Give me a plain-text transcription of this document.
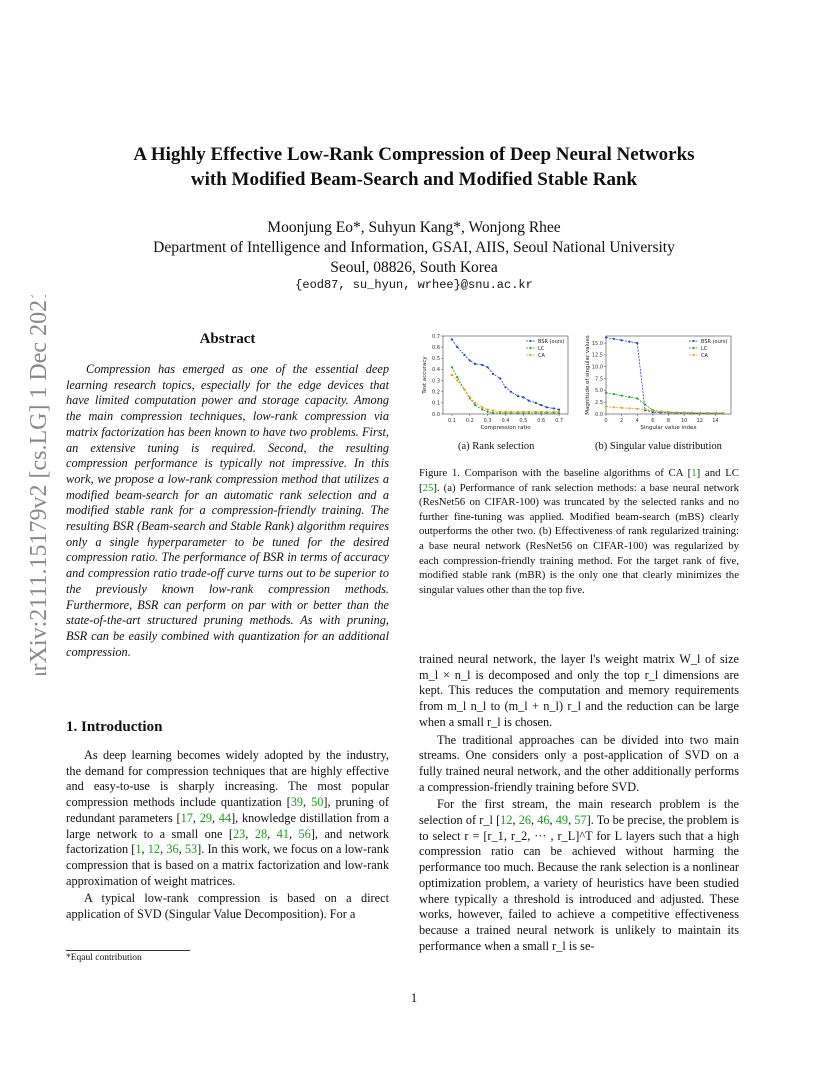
arXiv:2111.15179v2 [cs.LG] 1 Dec 2021
A Highly Effective Low-Rank Compression of Deep Neural Networks
with Modified Beam-Search and Modified Stable Rank
Moonjung Eo*, Suhyun Kang*, Wonjong Rhee
Department of Intelligence and Information, GSAI, AIIS, Seoul National University
Seoul, 08826, South Korea
{eod87, su_hyun, wrhee}@snu.ac.kr
Abstract

Compression has emerged as one of the essential deep learning research topics, especially for the edge devices that have limited computation power and storage capacity. Among the main compression techniques, low-rank compression via matrix factorization has been known to have two problems. First, an extensive tuning is required. Second, the resulting compression performance is typically not impressive. In this work, we propose a low-rank compression method that utilizes a modified beam-search for an automatic rank selection and a modified stable rank for a compression-friendly training. The resulting BSR (Beam-search and Stable Rank) algorithm requires only a single hyperparameter to be tuned for the desired compression ratio. The performance of BSR in terms of accuracy and compression ratio trade-off curve turns out to be superior to the previously known low-rank compression methods. Furthermore, BSR can perform on par with or better than the state-of-the-art structured pruning methods. As with pruning, BSR can be easily combined with quantization for an additional compression.

1. Introduction

As deep learning becomes widely adopted by the industry, the demand for compression techniques that are highly effective and easy-to-use is sharply increasing. The most popular compression methods include quantization [39, 50], pruning of redundant parameters [17, 29, 44], knowledge distillation from a large network to a small one [23, 28, 41, 56], and network factorization [1, 12, 36, 53]. In this work, we focus on a low-rank compression that is based on a matrix factorization and low-rank approximation of weight matrices.

A typical low-rank compression is based on a direct application of SVD (Singular Value Decomposition). For a

*Eqaul contribution
1
0.1 0.2 0.3 0.4 0.5 0.6 0.7
0.0
0.1
0.2
0.3
0.4
0.5
0.6
0.7
Compression ratio
Test accuracy
BSR (ours)
LC
CA
(a) Rank selection
0 2 4 6 8 10 12 14
0.0
2.5
5.0
7.5
10.0
12.5
15.0
Singular value index
Magnitude of singular values	BSR (ours)
LC
CA
(b) Singular value distribution
Figure 1. Comparison with the baseline algorithms of CA [1] and LC [25]. (a) Performance of rank selection methods: a base neural network (ResNet56 on CIFAR-100) was truncated by the selected ranks and no further fine-tuning was applied. Modified beam-search (mBS) clearly outperforms the other two. (b) Effectiveness of rank regularized training: a base neural network (ResNet56 on CIFAR-100) was regularized by each compression-friendly training method. For the target rank of five, modified stable rank (mBR) is the only one that clearly minimizes the singular values other than the top five.

trained neural network, the layer l's weight matrix W_l of size m_l × n_l is decomposed and only the top r_l dimensions are kept. This reduces the computation and memory requirements from m_l n_l to (m_l + n_l) r_l and the reduction can be large when a small r_l is chosen.

The traditional approaches can be divided into two main streams. One considers only a post-application of SVD on a fully trained neural network, and the other additionally performs a compression-friendly training before SVD.

For the first stream, the main research problem is the selection of r_l [12, 26, 46, 49, 57]. To be precise, the problem is to select r = [r_1, r_2, ··· , r_L]^T for L layers such that a high compression ratio can be achieved without harming the performance too much. Because the rank selection is a nonlinear optimization problem, a variety of heuristics have been studied where typically a threshold is introduced and adjusted. These works, however, failed to achieve a competitive effectiveness because a trained neural network is unlikely to maintain its performance when a small r_l is se-
